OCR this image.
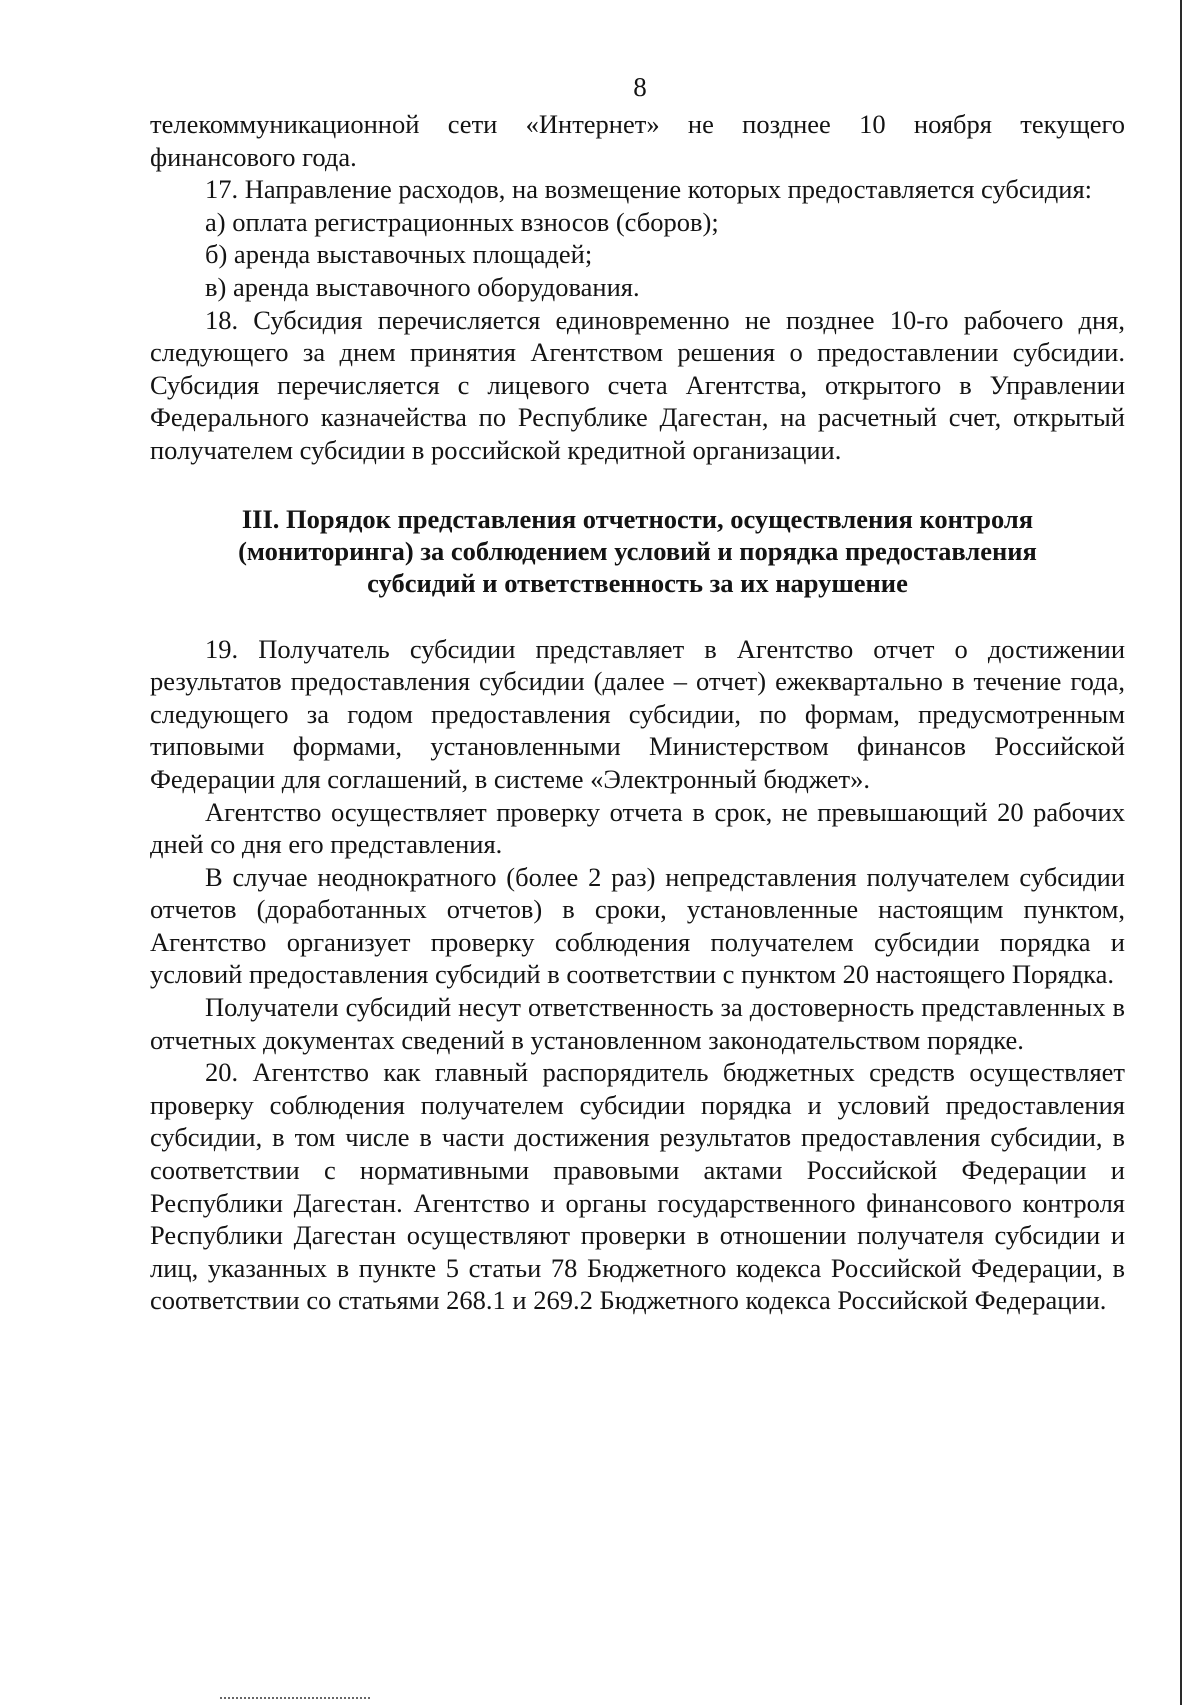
8

телекоммуникационной сети «Интернет» не позднее 10 ноября текущего финансового года.

17. Направление расходов, на возмещение которых предоставляется субсидия:

а) оплата регистрационных взносов (сборов);

б) аренда выставочных площадей;

в) аренда выставочного оборудования.

18. Субсидия перечисляется единовременно не позднее 10-го рабочего дня, следующего за днем принятия Агентством решения о предоставлении субсидии. Субсидия перечисляется с лицевого счета Агентства, открытого в Управлении Федерального казначейства по Республике Дагестан, на расчетный счет, открытый получателем субсидии в российской кредитной организации.

III. Порядок представления отчетности, осуществления контроля
(мониторинга) за соблюдением условий и порядка предоставления
субсидий и ответственность за их нарушение

19. Получатель субсидии представляет в Агентство отчет о достижении результатов предоставления субсидии (далее – отчет) ежеквартально в течение года, следующего за годом предоставления субсидии, по формам, предусмотренным типовыми формами, установленными Министерством финансов Российской Федерации для соглашений, в системе «Электронный бюджет».

Агентство осуществляет проверку отчета в срок, не превышающий 20 рабочих дней со дня его представления.

В случае неоднократного (более 2 раз) непредставления получателем субсидии отчетов (доработанных отчетов) в сроки, установленные настоящим пунктом, Агентство организует проверку соблюдения получателем субсидии порядка и условий предоставления субсидий в соответствии с пунктом 20 настоящего Порядка.

Получатели субсидий несут ответственность за достоверность представленных в отчетных документах сведений в установленном законодательством порядке.

20. Агентство как главный распорядитель бюджетных средств осуществляет проверку соблюдения получателем субсидии порядка и условий предоставления субсидии, в том числе в части достижения результатов предоставления субсидии, в соответствии с нормативными правовыми актами Российской Федерации и Республики Дагестан. Агентство и органы государственного финансового контроля Республики Дагестан осуществляют проверки в отношении получателя субсидии и лиц, указанных в пункте 5 статьи 78 Бюджетного кодекса Российской Федерации, в соответствии со статьями 268.1 и 269.2 Бюджетного кодекса Российской Федерации.
